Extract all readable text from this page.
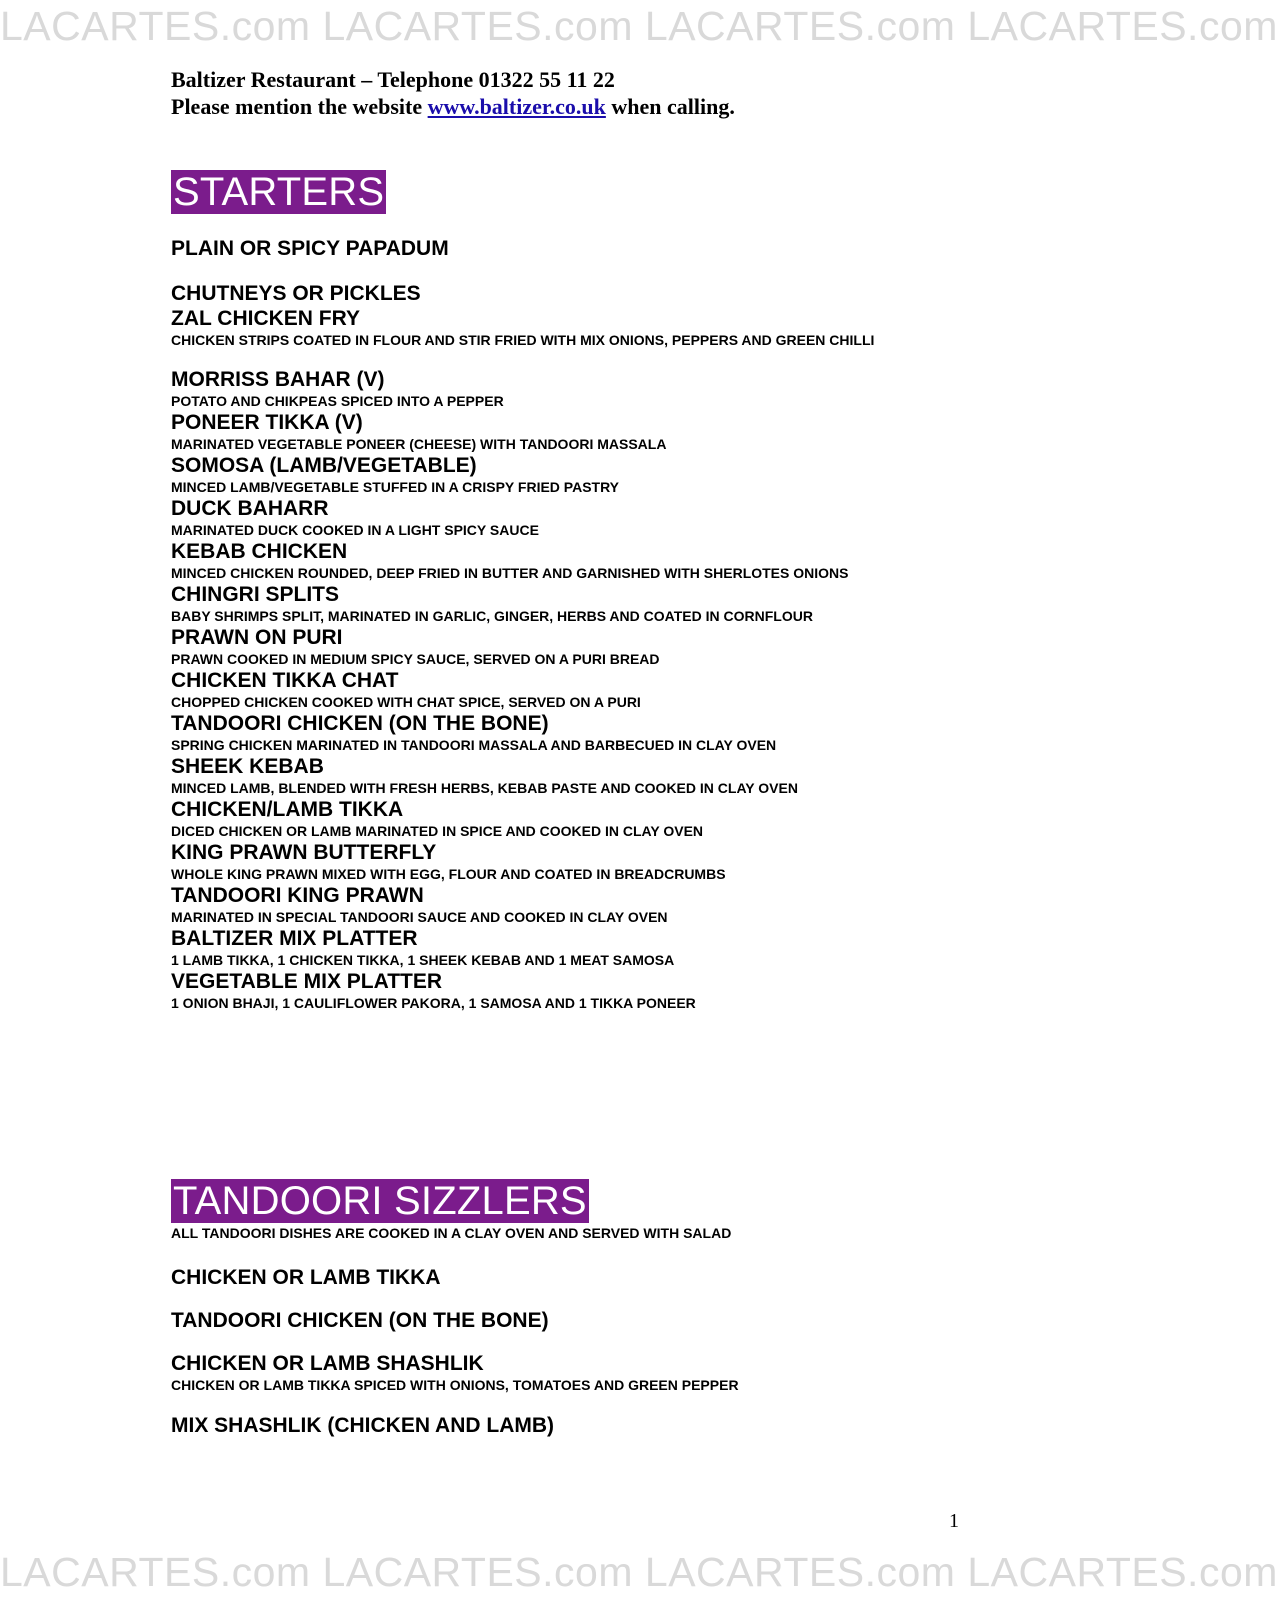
LACARTES.com LACARTES.com LACARTES.com LACARTES.com
Baltizer Restaurant – Telephone 01322 55 11 22
Please mention the website www.baltizer.co.uk when calling.
STARTERS
PLAIN OR SPICY PAPADUM
CHUTNEYS OR PICKLES
ZAL CHICKEN FRY
CHICKEN STRIPS COATED IN FLOUR AND STIR FRIED WITH MIX ONIONS, PEPPERS AND GREEN CHILLI
MORRISS BAHAR (V)
POTATO AND CHIKPEAS SPICED INTO A PEPPER
PONEER TIKKA (V)
MARINATED VEGETABLE PONEER (CHEESE) WITH TANDOORI MASSALA
SOMOSA (LAMB/VEGETABLE)
MINCED LAMB/VEGETABLE STUFFED IN A CRISPY FRIED PASTRY
DUCK BAHARR
MARINATED DUCK COOKED IN A LIGHT SPICY SAUCE
KEBAB CHICKEN
MINCED CHICKEN ROUNDED, DEEP FRIED IN BUTTER AND GARNISHED WITH SHERLOTES ONIONS
CHINGRI SPLITS
BABY SHRIMPS SPLIT, MARINATED IN GARLIC, GINGER, HERBS AND COATED IN CORNFLOUR
PRAWN ON PURI
PRAWN COOKED IN MEDIUM SPICY SAUCE, SERVED ON A PURI BREAD
CHICKEN TIKKA CHAT
CHOPPED CHICKEN COOKED WITH CHAT SPICE, SERVED ON A PURI
TANDOORI CHICKEN (ON THE BONE)
SPRING CHICKEN MARINATED IN TANDOORI MASSALA AND BARBECUED IN CLAY OVEN
SHEEK KEBAB
MINCED LAMB, BLENDED WITH FRESH HERBS, KEBAB PASTE AND COOKED IN CLAY OVEN
CHICKEN/LAMB TIKKA
DICED CHICKEN OR LAMB MARINATED IN SPICE AND COOKED IN CLAY OVEN
KING PRAWN BUTTERFLY
WHOLE KING PRAWN MIXED WITH EGG, FLOUR AND COATED IN BREADCRUMBS
TANDOORI KING PRAWN
MARINATED IN SPECIAL TANDOORI SAUCE AND COOKED IN CLAY OVEN
BALTIZER MIX PLATTER
1 LAMB TIKKA, 1 CHICKEN TIKKA, 1 SHEEK KEBAB AND 1 MEAT SAMOSA
VEGETABLE MIX PLATTER
1 ONION BHAJI, 1 CAULIFLOWER PAKORA, 1 SAMOSA AND 1 TIKKA PONEER
TANDOORI SIZZLERS
ALL TANDOORI DISHES ARE COOKED IN A CLAY OVEN AND SERVED WITH SALAD
CHICKEN OR LAMB TIKKA
TANDOORI CHICKEN (ON THE BONE)
CHICKEN OR LAMB SHASHLIK
CHICKEN OR LAMB TIKKA SPICED WITH ONIONS, TOMATOES AND GREEN PEPPER
MIX SHASHLIK (CHICKEN AND LAMB)
1
LACARTES.com LACARTES.com LACARTES.com LACARTES.com
